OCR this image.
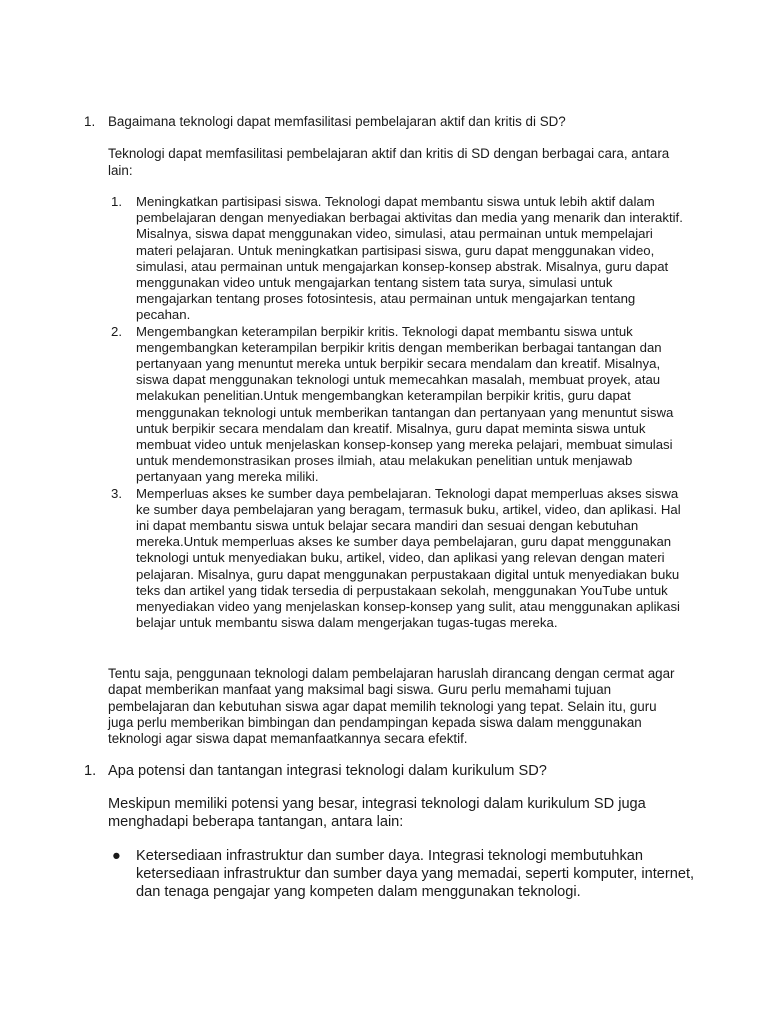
1. Bagaimana teknologi dapat memfasilitasi pembelajaran aktif dan kritis di SD?

Teknologi dapat memfasilitasi pembelajaran aktif dan kritis di SD dengan berbagai cara, antara lain:

1. Meningkatkan partisipasi siswa. Teknologi dapat membantu siswa untuk lebih aktif dalam pembelajaran dengan menyediakan berbagai aktivitas dan media yang menarik dan interaktif. Misalnya, siswa dapat menggunakan video, simulasi, atau permainan untuk mempelajari materi pelajaran. Untuk meningkatkan partisipasi siswa, guru dapat menggunakan video, simulasi, atau permainan untuk mengajarkan konsep-konsep abstrak. Misalnya, guru dapat menggunakan video untuk mengajarkan tentang sistem tata surya, simulasi untuk mengajarkan tentang proses fotosintesis, atau permainan untuk mengajarkan tentang pecahan.
2. Mengembangkan keterampilan berpikir kritis. Teknologi dapat membantu siswa untuk mengembangkan keterampilan berpikir kritis dengan memberikan berbagai tantangan dan pertanyaan yang menuntut mereka untuk berpikir secara mendalam dan kreatif. Misalnya, siswa dapat menggunakan teknologi untuk memecahkan masalah, membuat proyek, atau melakukan penelitian.Untuk mengembangkan keterampilan berpikir kritis, guru dapat menggunakan teknologi untuk memberikan tantangan dan pertanyaan yang menuntut siswa untuk berpikir secara mendalam dan kreatif. Misalnya, guru dapat meminta siswa untuk membuat video untuk menjelaskan konsep-konsep yang mereka pelajari, membuat simulasi untuk mendemonstrasikan proses ilmiah, atau melakukan penelitian untuk menjawab pertanyaan yang mereka miliki.
3. Memperluas akses ke sumber daya pembelajaran. Teknologi dapat memperluas akses siswa ke sumber daya pembelajaran yang beragam, termasuk buku, artikel, video, dan aplikasi. Hal ini dapat membantu siswa untuk belajar secara mandiri dan sesuai dengan kebutuhan mereka.Untuk memperluas akses ke sumber daya pembelajaran, guru dapat menggunakan teknologi untuk menyediakan buku, artikel, video, dan aplikasi yang relevan dengan materi pelajaran. Misalnya, guru dapat menggunakan perpustakaan digital untuk menyediakan buku teks dan artikel yang tidak tersedia di perpustakaan sekolah, menggunakan YouTube untuk menyediakan video yang menjelaskan konsep-konsep yang sulit, atau menggunakan aplikasi belajar untuk membantu siswa dalam mengerjakan tugas-tugas mereka.

Tentu saja, penggunaan teknologi dalam pembelajaran haruslah dirancang dengan cermat agar dapat memberikan manfaat yang maksimal bagi siswa. Guru perlu memahami tujuan pembelajaran dan kebutuhan siswa agar dapat memilih teknologi yang tepat. Selain itu, guru juga perlu memberikan bimbingan dan pendampingan kepada siswa dalam menggunakan teknologi agar siswa dapat memanfaatkannya secara efektif.

1. Apa potensi dan tantangan integrasi teknologi dalam kurikulum SD?

Meskipun memiliki potensi yang besar, integrasi teknologi dalam kurikulum SD juga menghadapi beberapa tantangan, antara lain:

● Ketersediaan infrastruktur dan sumber daya. Integrasi teknologi membutuhkan ketersediaan infrastruktur dan sumber daya yang memadai, seperti komputer, internet, dan tenaga pengajar yang kompeten dalam menggunakan teknologi.
